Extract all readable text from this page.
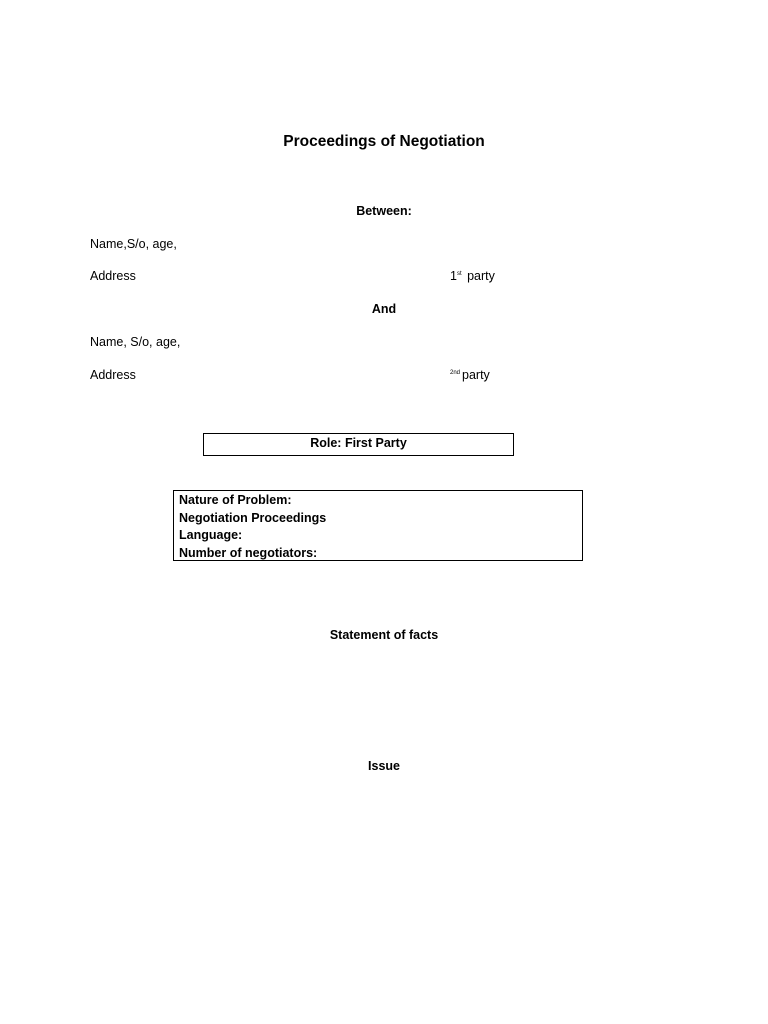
Proceedings of Negotiation
Between:
Name,S/o, age,
Address	1st party
And
Name, S/o, age,
Address	$^{2nd}$ party
Role: First Party
Nature of Problem:
Negotiation Proceedings
Language:
Number of negotiators:
Statement of facts
Issue
